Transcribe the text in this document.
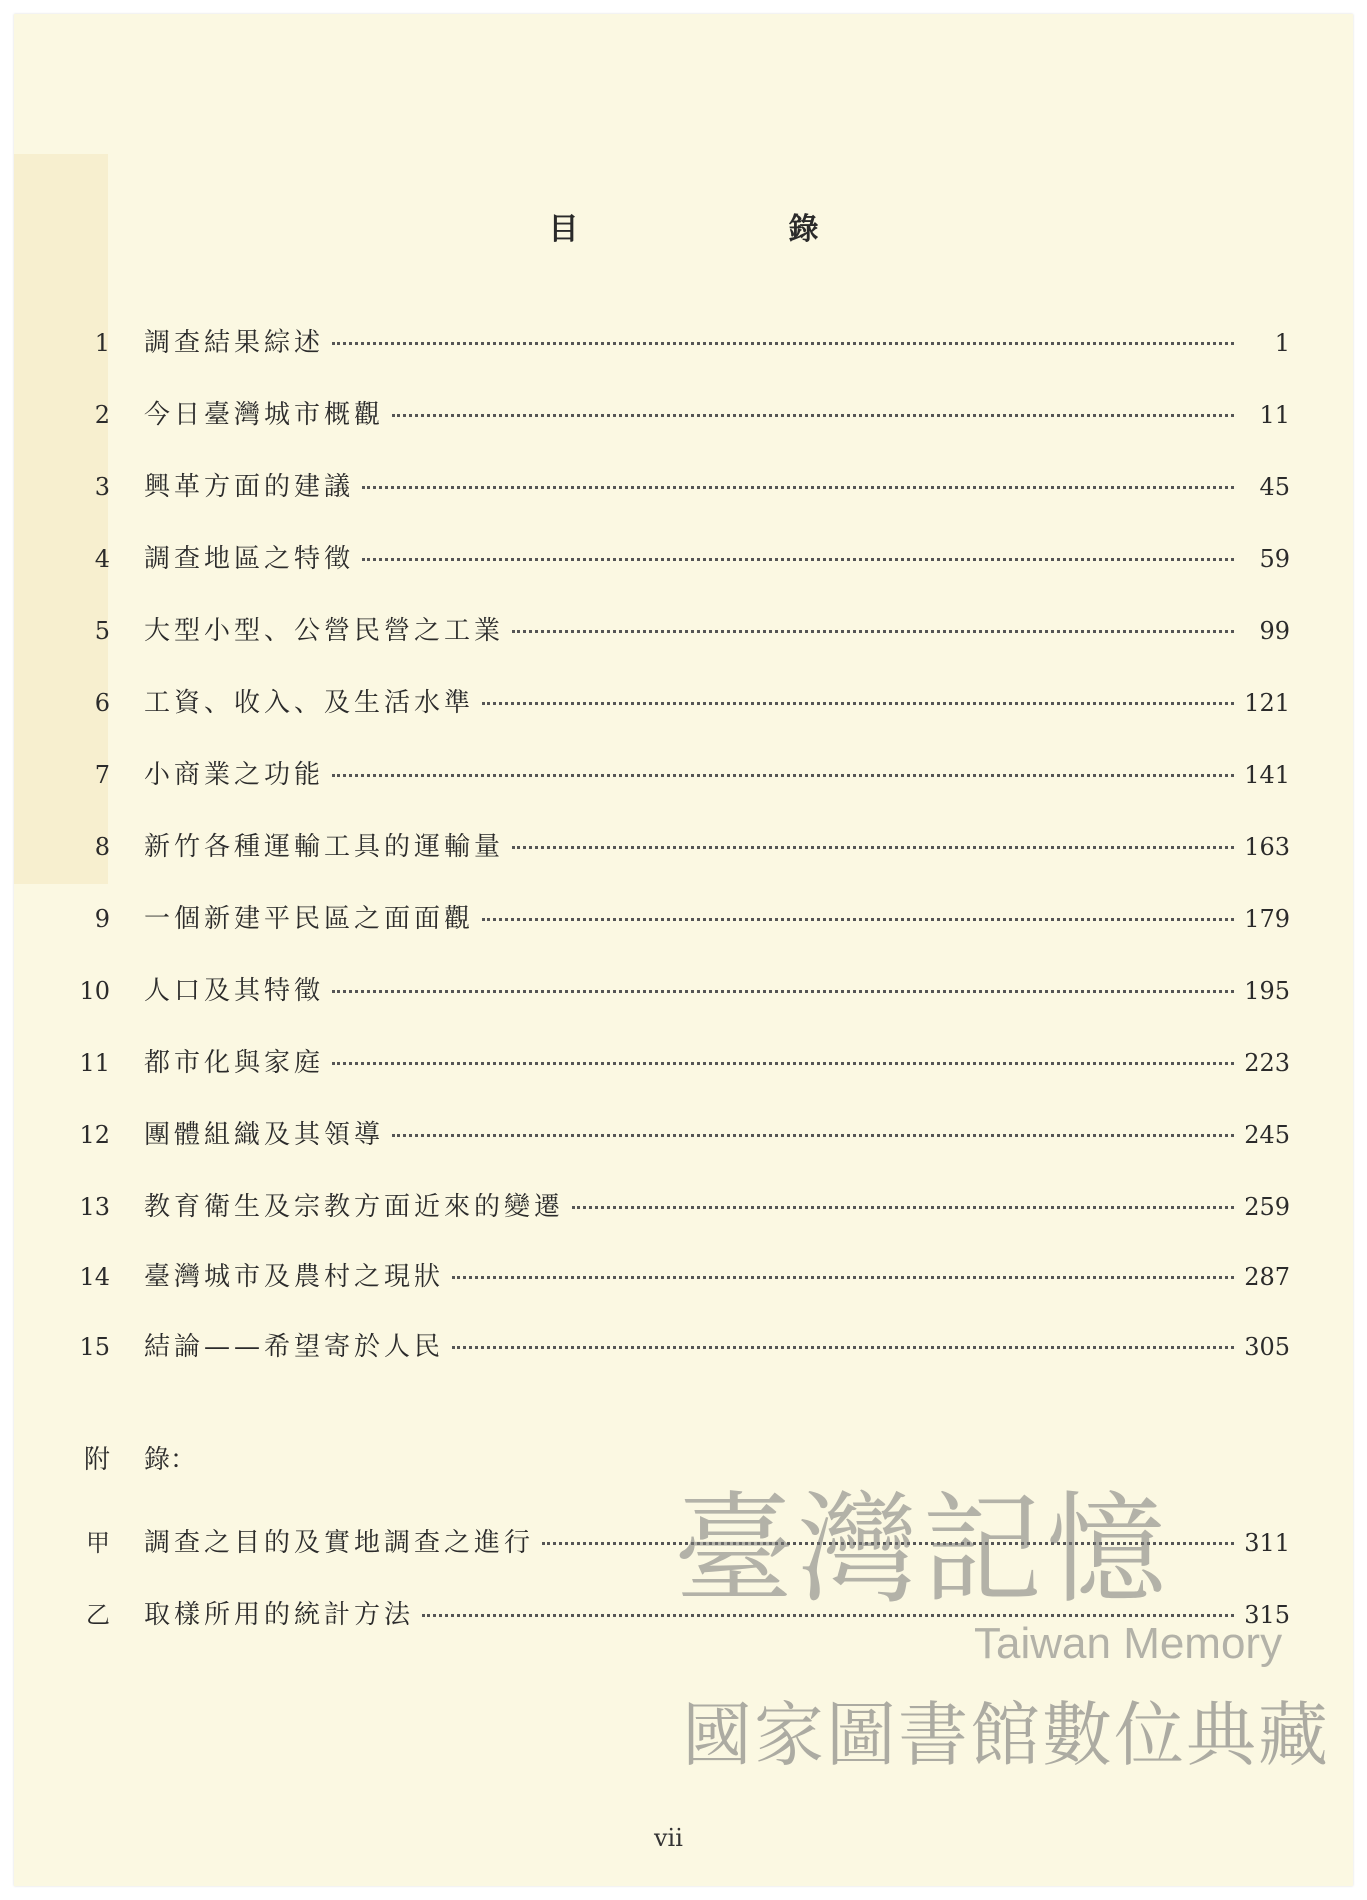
目　錄
1 調查結果綜述	1
2 今日臺灣城市概觀	11
3 興革方面的建議	45
4 調查地區之特徵	59
5 大型小型、公營民營之工業	99
6 工資、收入、及生活水準	121
7 小商業之功能	141
8 新竹各種運輸工具的運輸量	163
9 一個新建平民區之面面觀	179
10 人口及其特徵	195
11 都市化與家庭	223
12 團體組織及其領導	245
13 教育衛生及宗教方面近來的變遷	259
14 臺灣城市及農村之現狀	287
15 結論——希望寄於人民	305
附 錄：
甲 調查之目的及實地調查之進行	311
乙 取樣所用的統計方法	315
臺灣記憶
Taiwan Memory
國家圖書館數位典藏
vii
